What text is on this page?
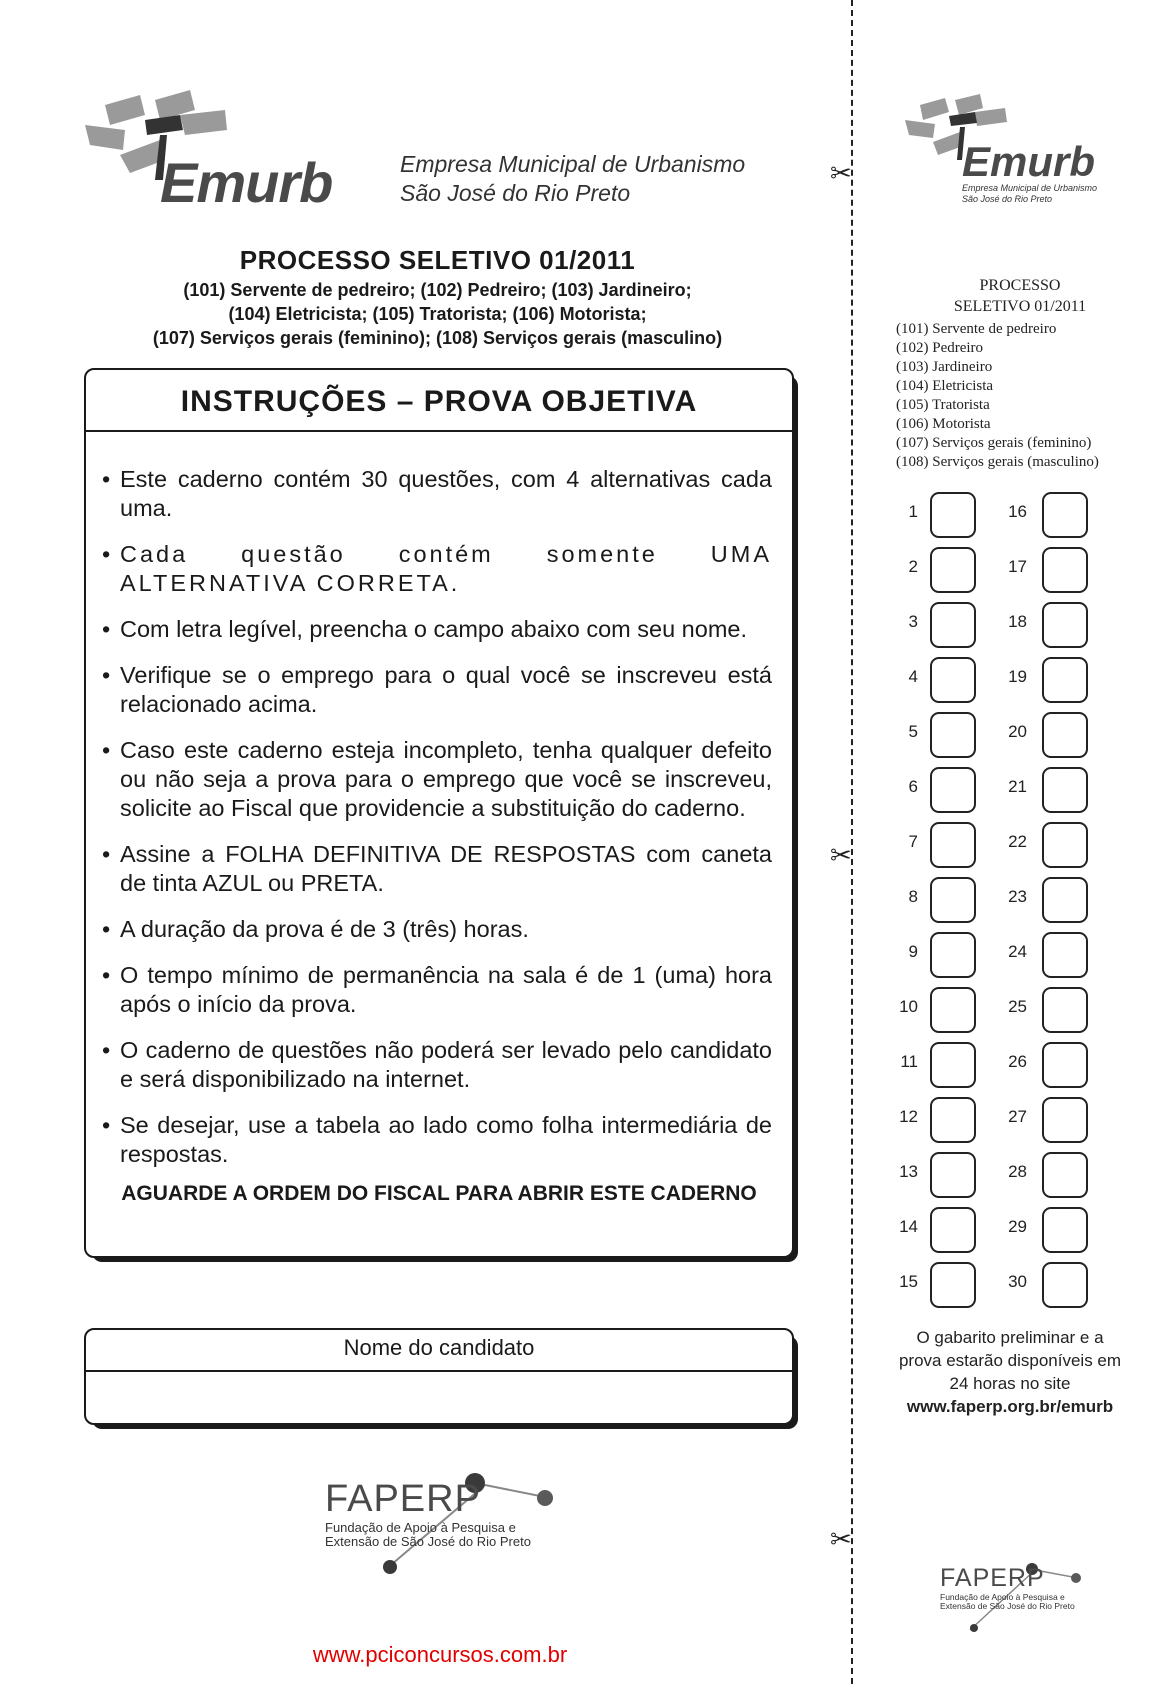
✂
✂
✂
Emurb	Empresa Municipal de Urbanismo
São José do Rio Preto
Emurb
Empresa Municipal de Urbanismo
São José do Rio Preto
PROCESSO SELETIVO 01/2011
(101) Servente de pedreiro; (102) Pedreiro; (103) Jardineiro;
(104) Eletricista; (105) Tratorista; (106) Motorista;
(107) Serviços gerais (feminino); (108) Serviços gerais (masculino)
INSTRUÇÕES – PROVA OBJETIVA
• Este caderno contém 30 questões, com 4 alternativas cada uma.
• Cada questão contém somente UMA ALTERNATIVA CORRETA.
• Com letra legível, preencha o campo abaixo com seu nome.
• Verifique se o emprego para o qual você se inscreveu está relacionado acima.
• Caso este caderno esteja incompleto, tenha qualquer defeito ou não seja a prova para o emprego que você se inscreveu, solicite ao Fiscal que providencie a substituição do caderno.
• Assine a FOLHA DEFINITIVA DE RESPOSTAS com caneta de tinta AZUL ou PRETA.
• A duração da prova é de 3 (três) horas.
• O tempo mínimo de permanência na sala é de 1 (uma) hora após o início da prova.
• O caderno de questões não poderá ser levado pelo candidato e será disponibilizado na internet.
• Se desejar, use a tabela ao lado como folha intermediária de respostas.
AGUARDE A ORDEM DO FISCAL PARA ABRIR ESTE CADERNO
Nome do candidato
FAPERP
Fundação de Apoio à Pesquisa e
Extensão de São José do Rio Preto
FAPERP
Fundação de Apoio à Pesquisa e
Extensão de São José do Rio Preto
www.pciconcursos.com.br
PROCESSO
SELETIVO 01/2011
(101) Servente de pedreiro
(102) Pedreiro
(103) Jardineiro
(104) Eletricista
(105) Tratorista
(106) Motorista
(107) Serviços gerais (feminino)
(108) Serviços gerais (masculino)
1
2
3
4
5
6
7
8
9
10
11
12
13
14
15
16
17
18
19
20
21
22
23
24
25
26
27
28
29
30
O gabarito preliminar e a
prova estarão disponíveis em
24 horas no site
www.faperp.org.br/emurb
